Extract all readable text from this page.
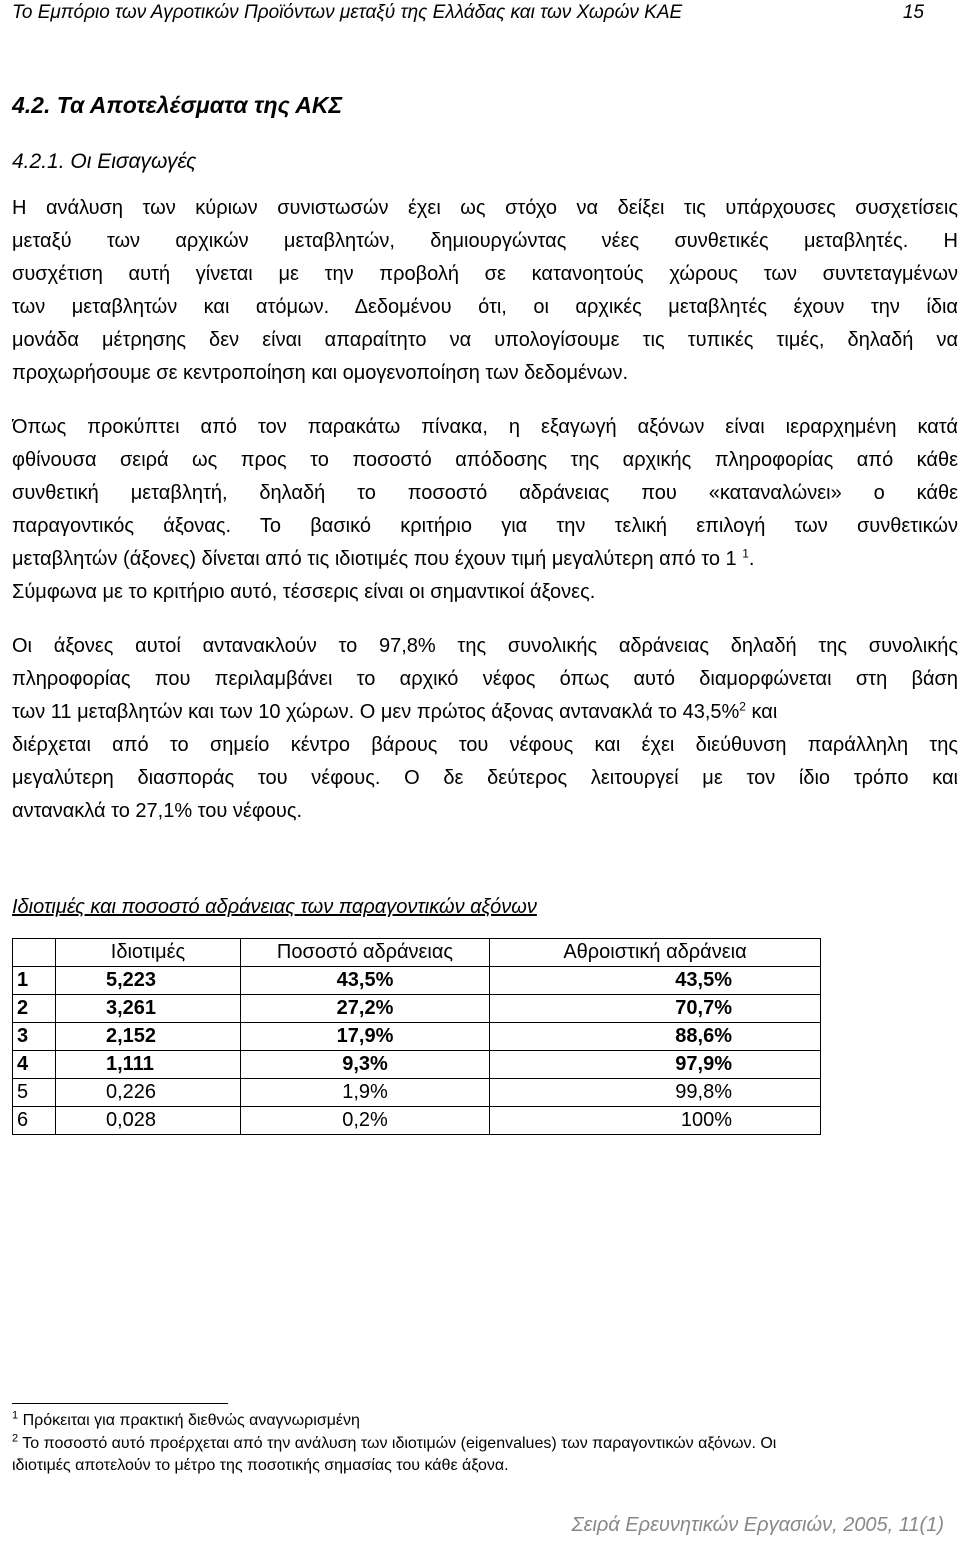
Το Εμπόριο των Αγροτικών Προϊόντων μεταξύ της Ελλάδας και των Χωρών ΚΑΕ	15
4.2. Τα Αποτελέσματα της ΑΚΣ
4.2.1. Οι Εισαγωγές
Η ανάλυση των κύριων συνιστωσών έχει ως στόχο να δείξει τις υπάρχουσες συσχετίσεις
μεταξύ των αρχικών μεταβλητών, δημιουργώντας νέες συνθετικές μεταβλητές. Η
συσχέτιση αυτή γίνεται με την προβολή σε κατανοητούς χώρους των συντεταγμένων
των μεταβλητών και ατόμων. Δεδομένου ότι, οι αρχικές μεταβλητές έχουν την ίδια
μονάδα μέτρησης δεν είναι απαραίτητο να υπολογίσουμε τις τυπικές τιμές, δηλαδή να
προχωρήσουμε σε κεντροποίηση και ομογενοποίηση των δεδομένων.
Όπως προκύπτει από τον παρακάτω πίνακα, η εξαγωγή αξόνων είναι ιεραρχημένη κατά
φθίνουσα σειρά ως προς το ποσοστό απόδοσης της αρχικής πληροφορίας από κάθε
συνθετική μεταβλητή, δηλαδή το ποσοστό αδράνειας που «καταναλώνει» ο κάθε
παραγοντικός άξονας. Το βασικό κριτήριο για την τελική επιλογή των συνθετικών
μεταβλητών (άξονες) δίνεται από τις ιδιοτιμές που έχουν τιμή μεγαλύτερη από το 1 $^1$.
Σύμφωνα με το κριτήριο αυτό, τέσσερις είναι οι σημαντικοί άξονες.
Οι άξονες αυτοί αντανακλούν το 97,8% της συνολικής αδράνειας δηλαδή της συνολικής
πληροφορίας που περιλαμβάνει το αρχικό νέφος όπως αυτό διαμορφώνεται στη βάση
των 11 μεταβλητών και των 10 χώρων. Ο μεν πρώτος άξονας αντανακλά το 43,5%$^2$ και
διέρχεται από το σημείο κέντρο βάρους του νέφους και έχει διεύθυνση παράλληλη της
μεγαλύτερη διασποράς του νέφους. Ο δε δεύτερος λειτουργεί με τον ίδιο τρόπο και
αντανακλά το 27,1% του νέφους.
Ιδιοτιμές και ποσοστό αδράνειας των παραγοντικών αξόνων
	Ιδιοτιμές	Ποσοστό αδράνειας	Αθροιστική αδράνεια
1	5,223	43,5%	43,5%
2	3,261	27,2%	70,7%
3	2,152	17,9%	88,6%
4	1,111	9,3%	97,9%
5	0,226	1,9%	99,8%
6	0,028	0,2%	100%
$^1$ Πρόκειται για πρακτική διεθνώς αναγνωρισμένη
$^2$ Το ποσοστό αυτό προέρχεται από την ανάλυση των ιδιοτιμών (eigenvalues) των παραγοντικών αξόνων. Οι
ιδιοτιμές αποτελούν το μέτρο της ποσοτικής σημασίας του κάθε άξονα.
Σειρά Ερευνητικών Εργασιών, 2005, 11(1)
